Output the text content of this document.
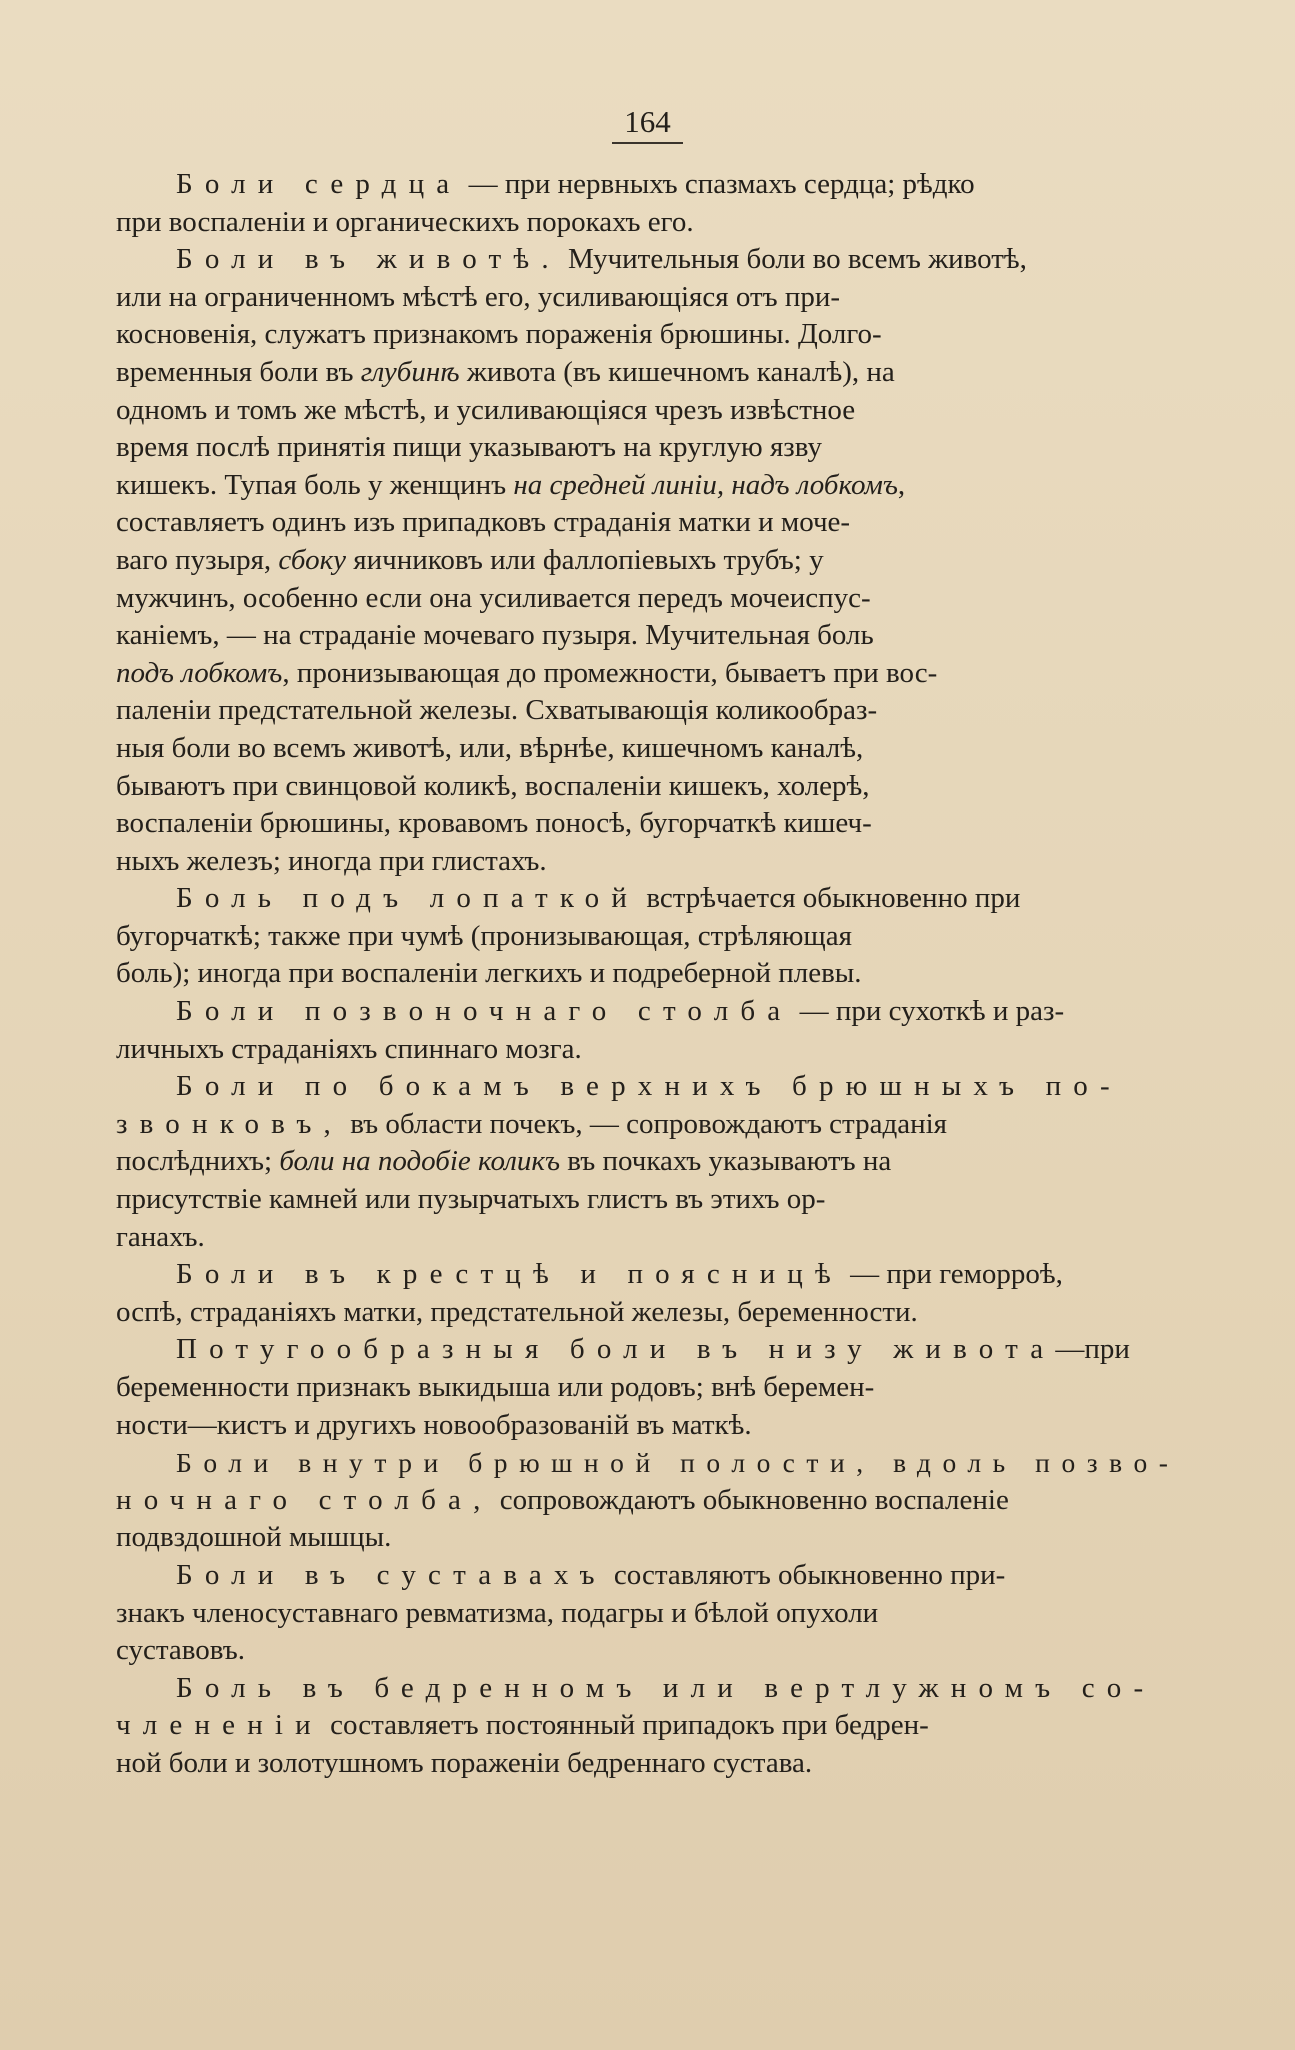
164
Боли сердца — при нервныхъ спазмахъ сердца; рѣдко
при воспаленіи и органическихъ порокахъ его.
Боли въ животѣ. Мучительныя боли во всемъ животѣ,
или на ограниченномъ мѣстѣ его, усиливающіяся отъ при-
косновенія, служатъ признакомъ пораженія брюшины. Долго-
временныя боли въ глубинѣ живота (въ кишечномъ каналѣ), на
одномъ и томъ же мѣстѣ, и усиливающіяся чрезъ извѣстное
время послѣ принятія пищи указываютъ на круглую язву
кишекъ. Тупая боль у женщинъ на средней линіи, надъ лобкомъ,
составляетъ одинъ изъ припадковъ страданія матки и моче-
ваго пузыря, сбоку яичниковъ или фаллопіевыхъ трубъ; у
мужчинъ, особенно если она усиливается передъ мочеиспус-
каніемъ, — на страданіе мочеваго пузыря. Мучительная боль
подъ лобкомъ, пронизывающая до промежности, бываетъ при вос-
паленіи предстательной железы. Схватывающія коликообраз-
ныя боли во всемъ животѣ, или, вѣрнѣе, кишечномъ каналѣ,
бываютъ при свинцовой коликѣ, воспаленіи кишекъ, холерѣ,
воспаленіи брюшины, кровавомъ поносѣ, бугорчаткѣ кишеч-
ныхъ железъ; иногда при глистахъ.
Боль подъ лопаткой встрѣчается обыкновенно при
бугорчаткѣ; также при чумѣ (пронизывающая, стрѣляющая
боль); иногда при воспаленіи легкихъ и подреберной плевы.
Боли позвоночнаго столба — при сухоткѣ и раз-
личныхъ страданіяхъ спиннаго мозга.
Боли по бокамъ верхнихъ брюшныхъ по-
звонковъ, въ области почекъ, — сопровождаютъ страданія
послѣднихъ; боли на подобіе коликъ въ почкахъ указываютъ на
присутствіе камней или пузырчатыхъ глистъ въ этихъ ор-
ганахъ.
Боли въ крестцѣ и поясницѣ — при геморроѣ,
оспѣ, страданіяхъ матки, предстательной железы, беременности.
Потугообразныя боли въ низу живота—при
беременности признакъ выкидыша или родовъ; внѣ беремен-
ности—кистъ и другихъ новообразованій въ маткѣ.
Боли внутри брюшной полости, вдоль позво-
ночнаго столба, сопровождаютъ обыкновенно воспаленіе
подвздошной мышцы.
Боли въ суставахъ составляютъ обыкновенно при-
знакъ членосуставнаго ревматизма, подагры и бѣлой опухоли
суставовъ.
Боль въ бедренномъ или вертлужномъ со-
члененіи составляетъ постоянный припадокъ при бедрен-
ной боли и золотушномъ пораженіи бедреннаго сустава.
